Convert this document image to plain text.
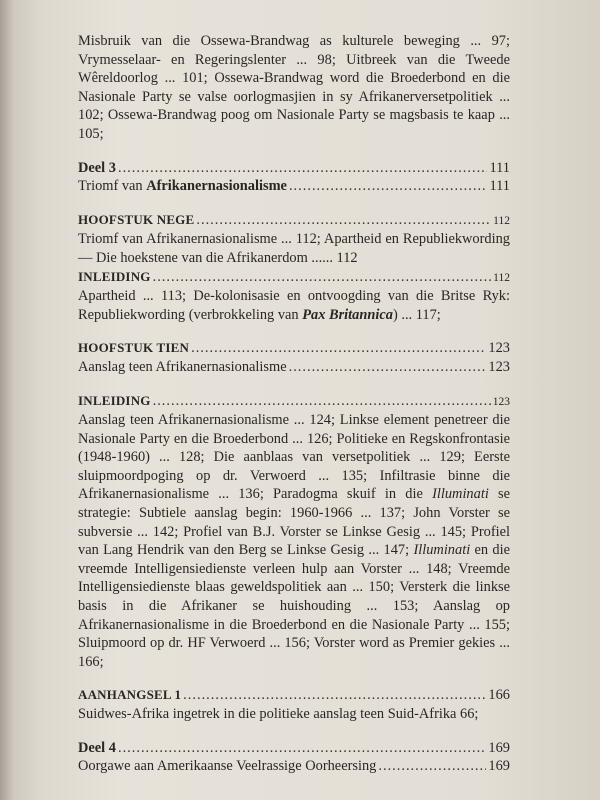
Misbruik van die Ossewa-Brandwag as kulturele beweging ... 97; Vrymesselaar- en Regeringslenter ... 98; Uitbreek van die Tweede Wêreldoorlog ... 101; Ossewa-Brandwag word die Broederbond en die Nasionale Party se valse oorlogmasjien in sy Afrikanerversetpolitiek ... 102; Ossewa-Brandwag poog om Nasionale Party se magsbasis te kaap ... 105;

Deel 3 .....	111
Triomf van Afrikanernasionalisme .....	111
HOOFSTUK NEGE .....	112

Triomf van Afrikanernasionalisme ... 112; Apartheid en Republiekwording — Die hoekstene van die Afrikanerdom ...... 112

INLEIDING .....	112

Apartheid ... 113; De-kolonisasie en ontvoogding van die Britse Ryk: Republiekwording (verbrokkeling van Pax Britannica) ... 117;

HOOFSTUK TIEN .....	123
Aanslag teen Afrikanernasionalisme .....	123
INLEIDING .....	123

Aanslag teen Afrikanernasionalisme ... 124; Linkse element penetreer die Nasionale Party en die Broederbond ... 126; Politieke en Regskonfrontasie (1948-1960) ... 128; Die aanblaas van versetpolitiek ... 129; Eerste sluipmoordpoging op dr. Verwoerd ... 135; Infiltrasie binne die Afrikanernasionalisme ... 136; Paradogma skuif in die Illuminati se strategie: Subtiele aanslag begin: 1960-1966 ... 137; John Vorster se subversie ... 142; Profiel van B.J. Vorster se Linkse Gesig ... 145; Profiel van Lang Hendrik van den Berg se Linkse Gesig ... 147; Illuminati en die vreemde Intelligensiedienste verleen hulp aan Vorster ... 148; Vreemde Intelligensiedienste blaas geweldspolitiek aan ... 150; Versterk die linkse basis in die Afrikaner se huishouding ... 153; Aanslag op Afrikanernasionalisme in die Broederbond en die Nasionale Party ... 155; Sluipmoord op dr. HF Verwoerd ... 156; Vorster word as Premier gekies ... 166;

AANHANGSEL 1 .....	166

Suidwes-Afrika ingetrek in die politieke aanslag teen Suid-Afrika 66;

Deel 4 .....	169
Oorgawe aan Amerikaanse Veelrassige Oorheersing .....	169
